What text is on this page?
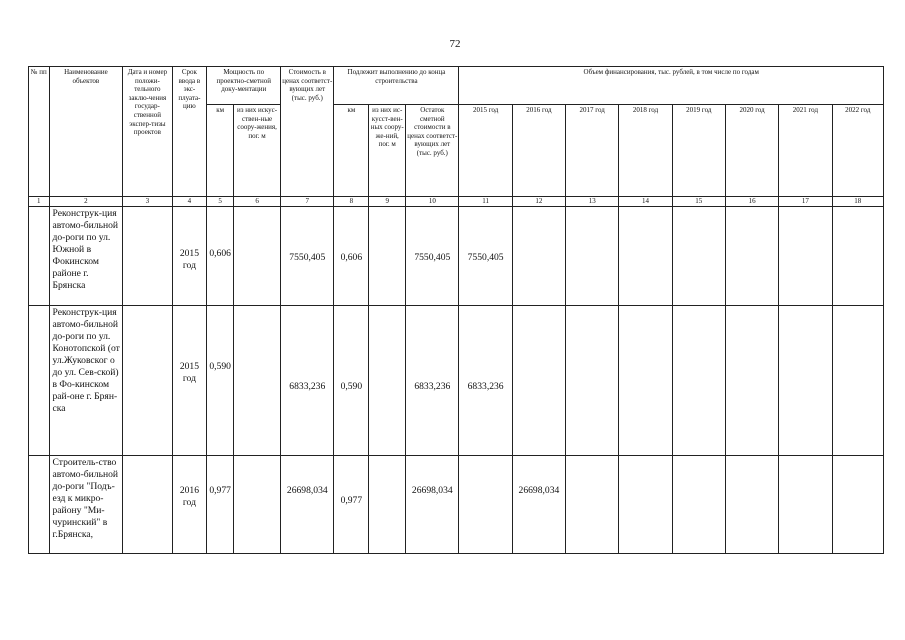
72
№ пп	Наименование объектов	Дата и номер положи-тельного заклю-чения государ-ственной экспер-тизы проектов	Срок ввода в экс-плуата-цию	Мощность по проектно-сметной доку-ментации		Стоимость в ценах соответст-вующих лет (тыс. руб.)	Подлежит выполнению до конца строительства			Объем финансирования, тыс. рублей, в том числе по годам							
				км	из них искус-ствен-ные соору-жения, пог. м		км	из них ис-кусст-вен-ных соору-же-ний, пог. м	Остаток сметной стоимости в ценах соответст-вующих лет (тыс. руб.)	2015 год	2016 год	2017 год	2018 год	2019 год	2020 год	2021 год	2022 год
1	2	3	4	5	6	7	8	9	10	11	12	13	14	15	16	17	18
	Реконструк-ция автомо-бильной до-роги по ул. Южной в Фокинском районе г. Брянска		2015 год	0,606		7550,405	0,606		7550,405	7550,405							

	Реконструк-ция автомо-бильной до-роги по ул. Конотопской (от ул.Жуковског о до ул. Сев-ской) в Фо-кинском рай-оне г. Брян-ска		2015 год	0,590		6833,236	0,590		6833,236	6833,236							

	Строитель-ство автомо-бильной до-роги "Подъ-езд к микро-району "Ми-чуринский" в г.Брянска,		2016 год	0,977		26698,034	0,977		26698,034		26698,034						
